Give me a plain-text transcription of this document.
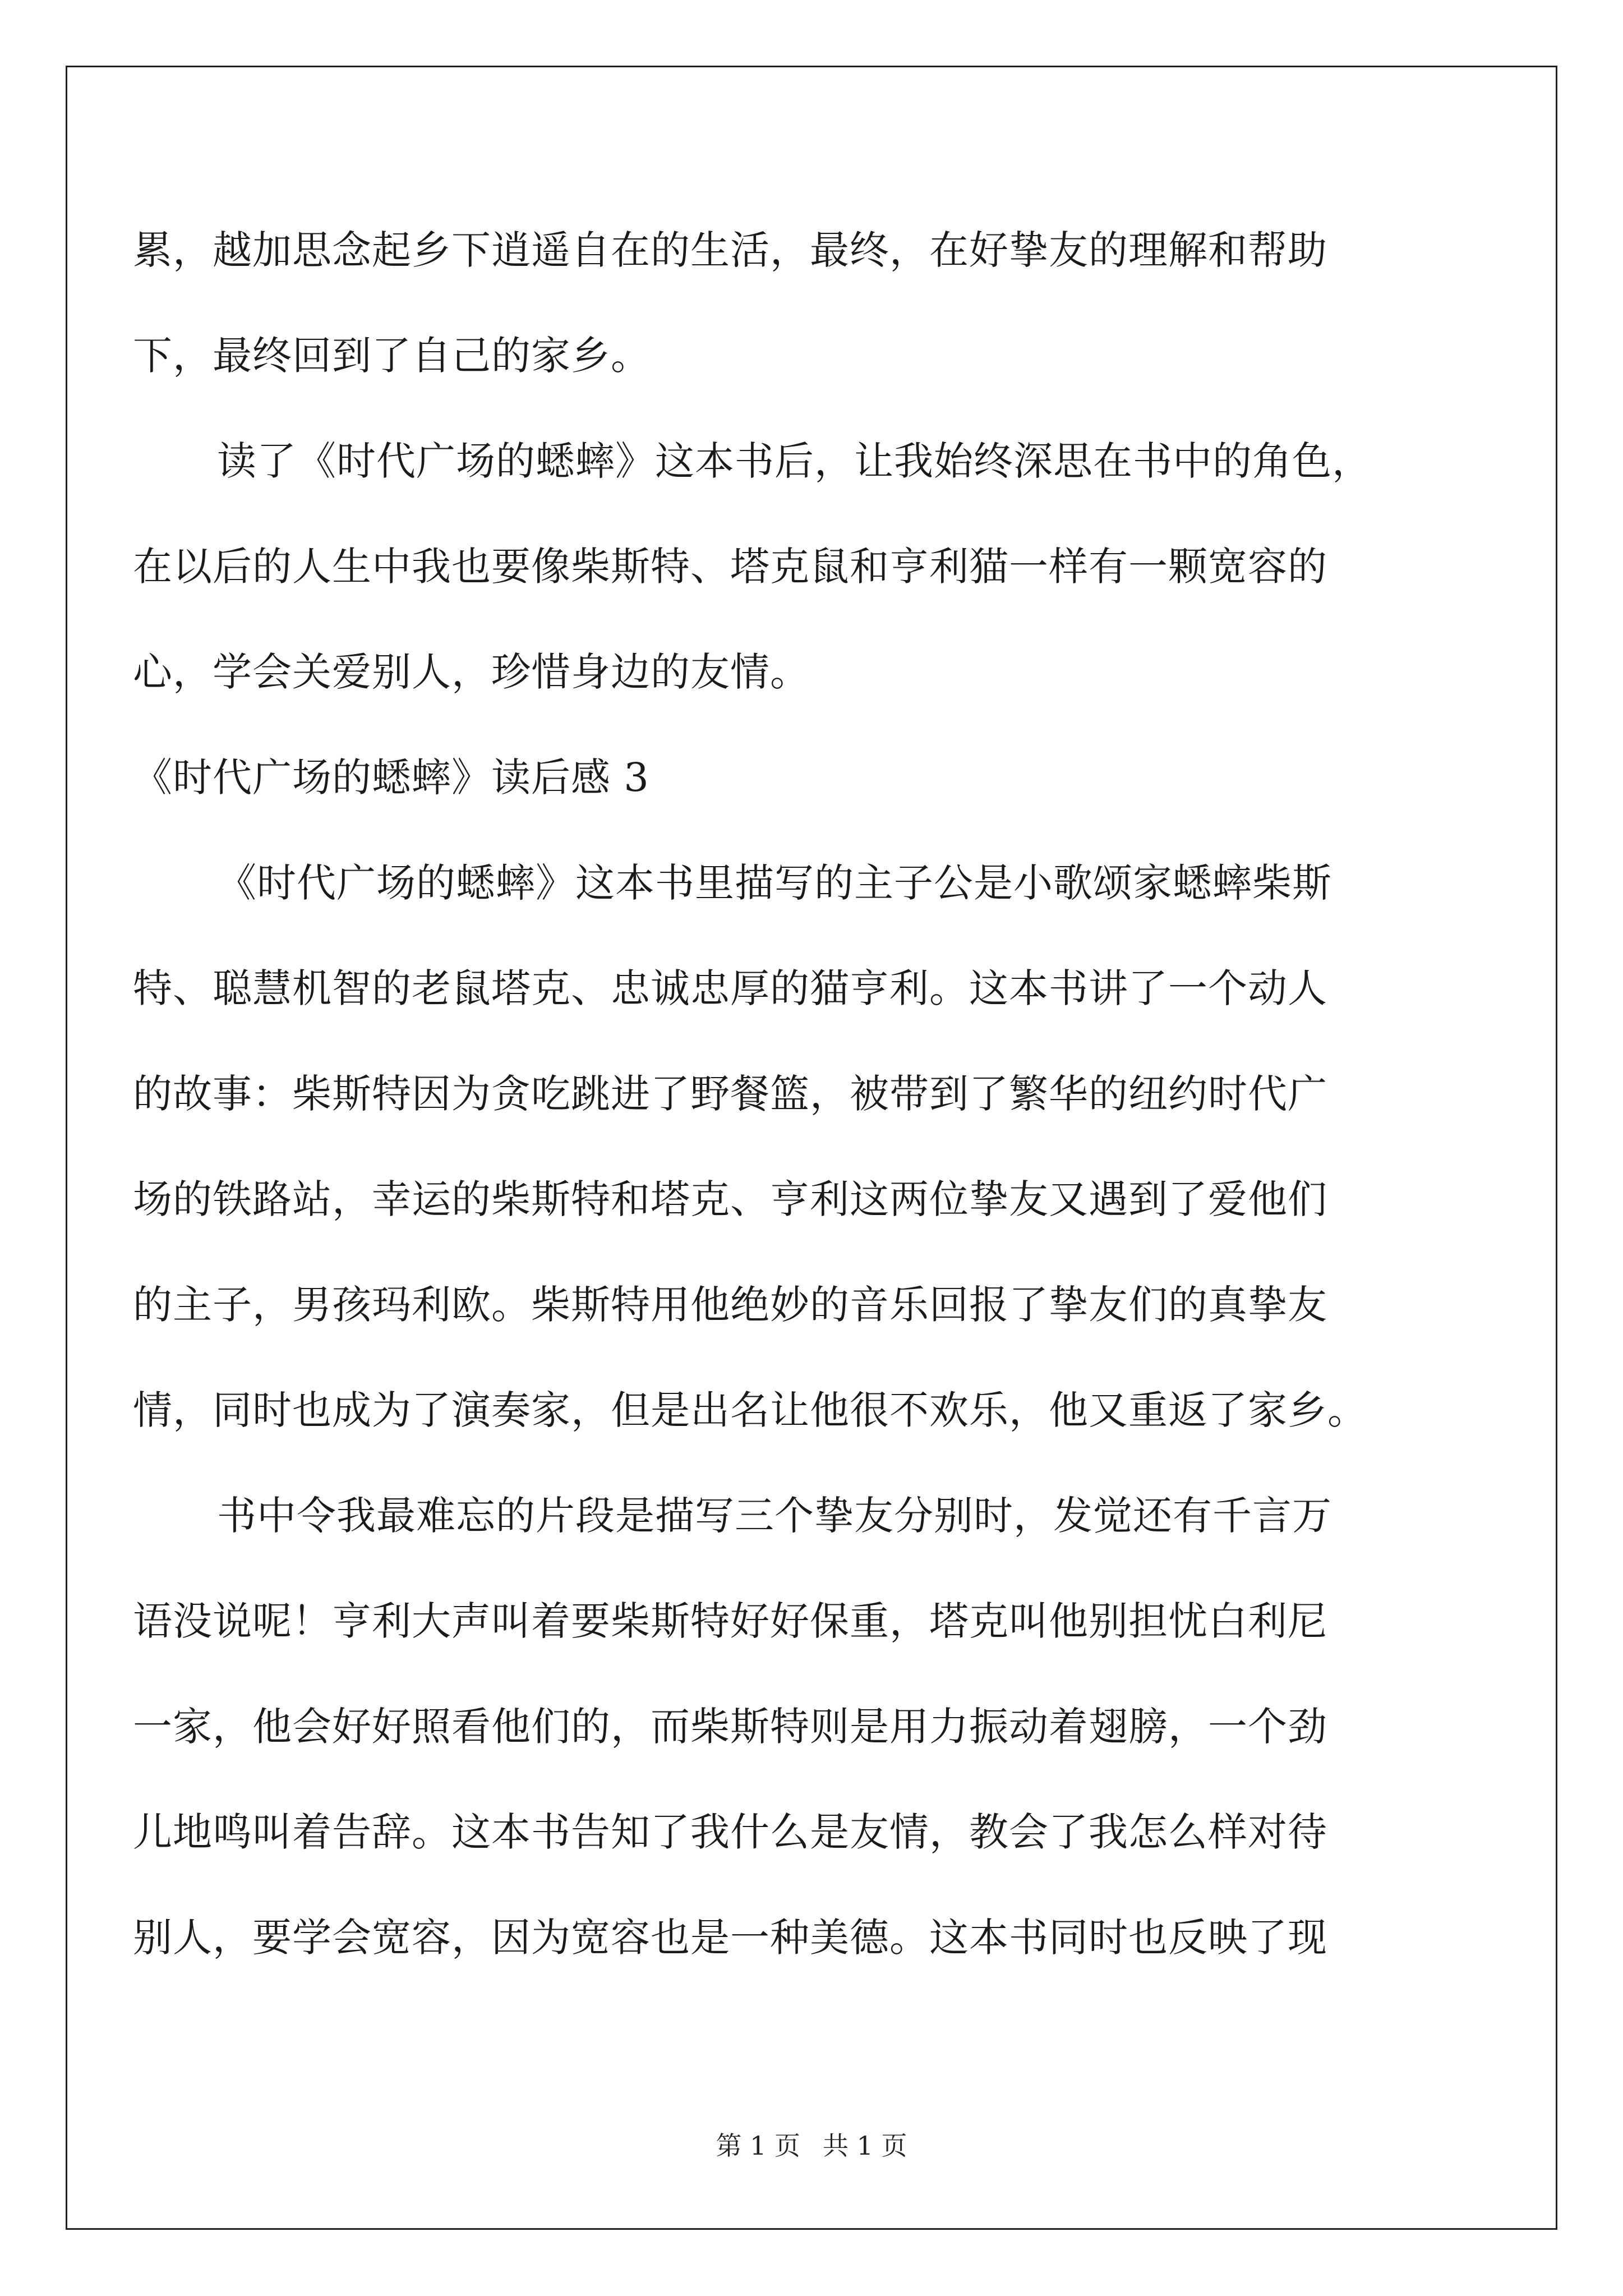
累，越加思念起乡下逍遥自在的生活，最终，在好挚友的理解和帮助
下，最终回到了自己的家乡。
读了《时代广场的蟋蟀》这本书后，让我始终深思在书中的角色，
在以后的人生中我也要像柴斯特、塔克鼠和亨利猫一样有一颗宽容的
心，学会关爱别人，珍惜身边的友情。
《时代广场的蟋蟀》读后感 3
《时代广场的蟋蟀》这本书里描写的主子公是小歌颂家蟋蟀柴斯
特、聪慧机智的老鼠塔克、忠诚忠厚的猫亨利。这本书讲了一个动人
的故事：柴斯特因为贪吃跳进了野餐篮，被带到了繁华的纽约时代广
场的铁路站，幸运的柴斯特和塔克、亨利这两位挚友又遇到了爱他们
的主子，男孩玛利欧。柴斯特用他绝妙的音乐回报了挚友们的真挚友
情，同时也成为了演奏家，但是出名让他很不欢乐，他又重返了家乡。
书中令我最难忘的片段是描写三个挚友分别时，发觉还有千言万
语没说呢！亨利大声叫着要柴斯特好好保重，塔克叫他别担忧白利尼
一家，他会好好照看他们的，而柴斯特则是用力振动着翅膀，一个劲
儿地鸣叫着告辞。这本书告知了我什么是友情，教会了我怎么样对待
别人，要学会宽容，因为宽容也是一种美德。这本书同时也反映了现
第 1 页 共 1 页
